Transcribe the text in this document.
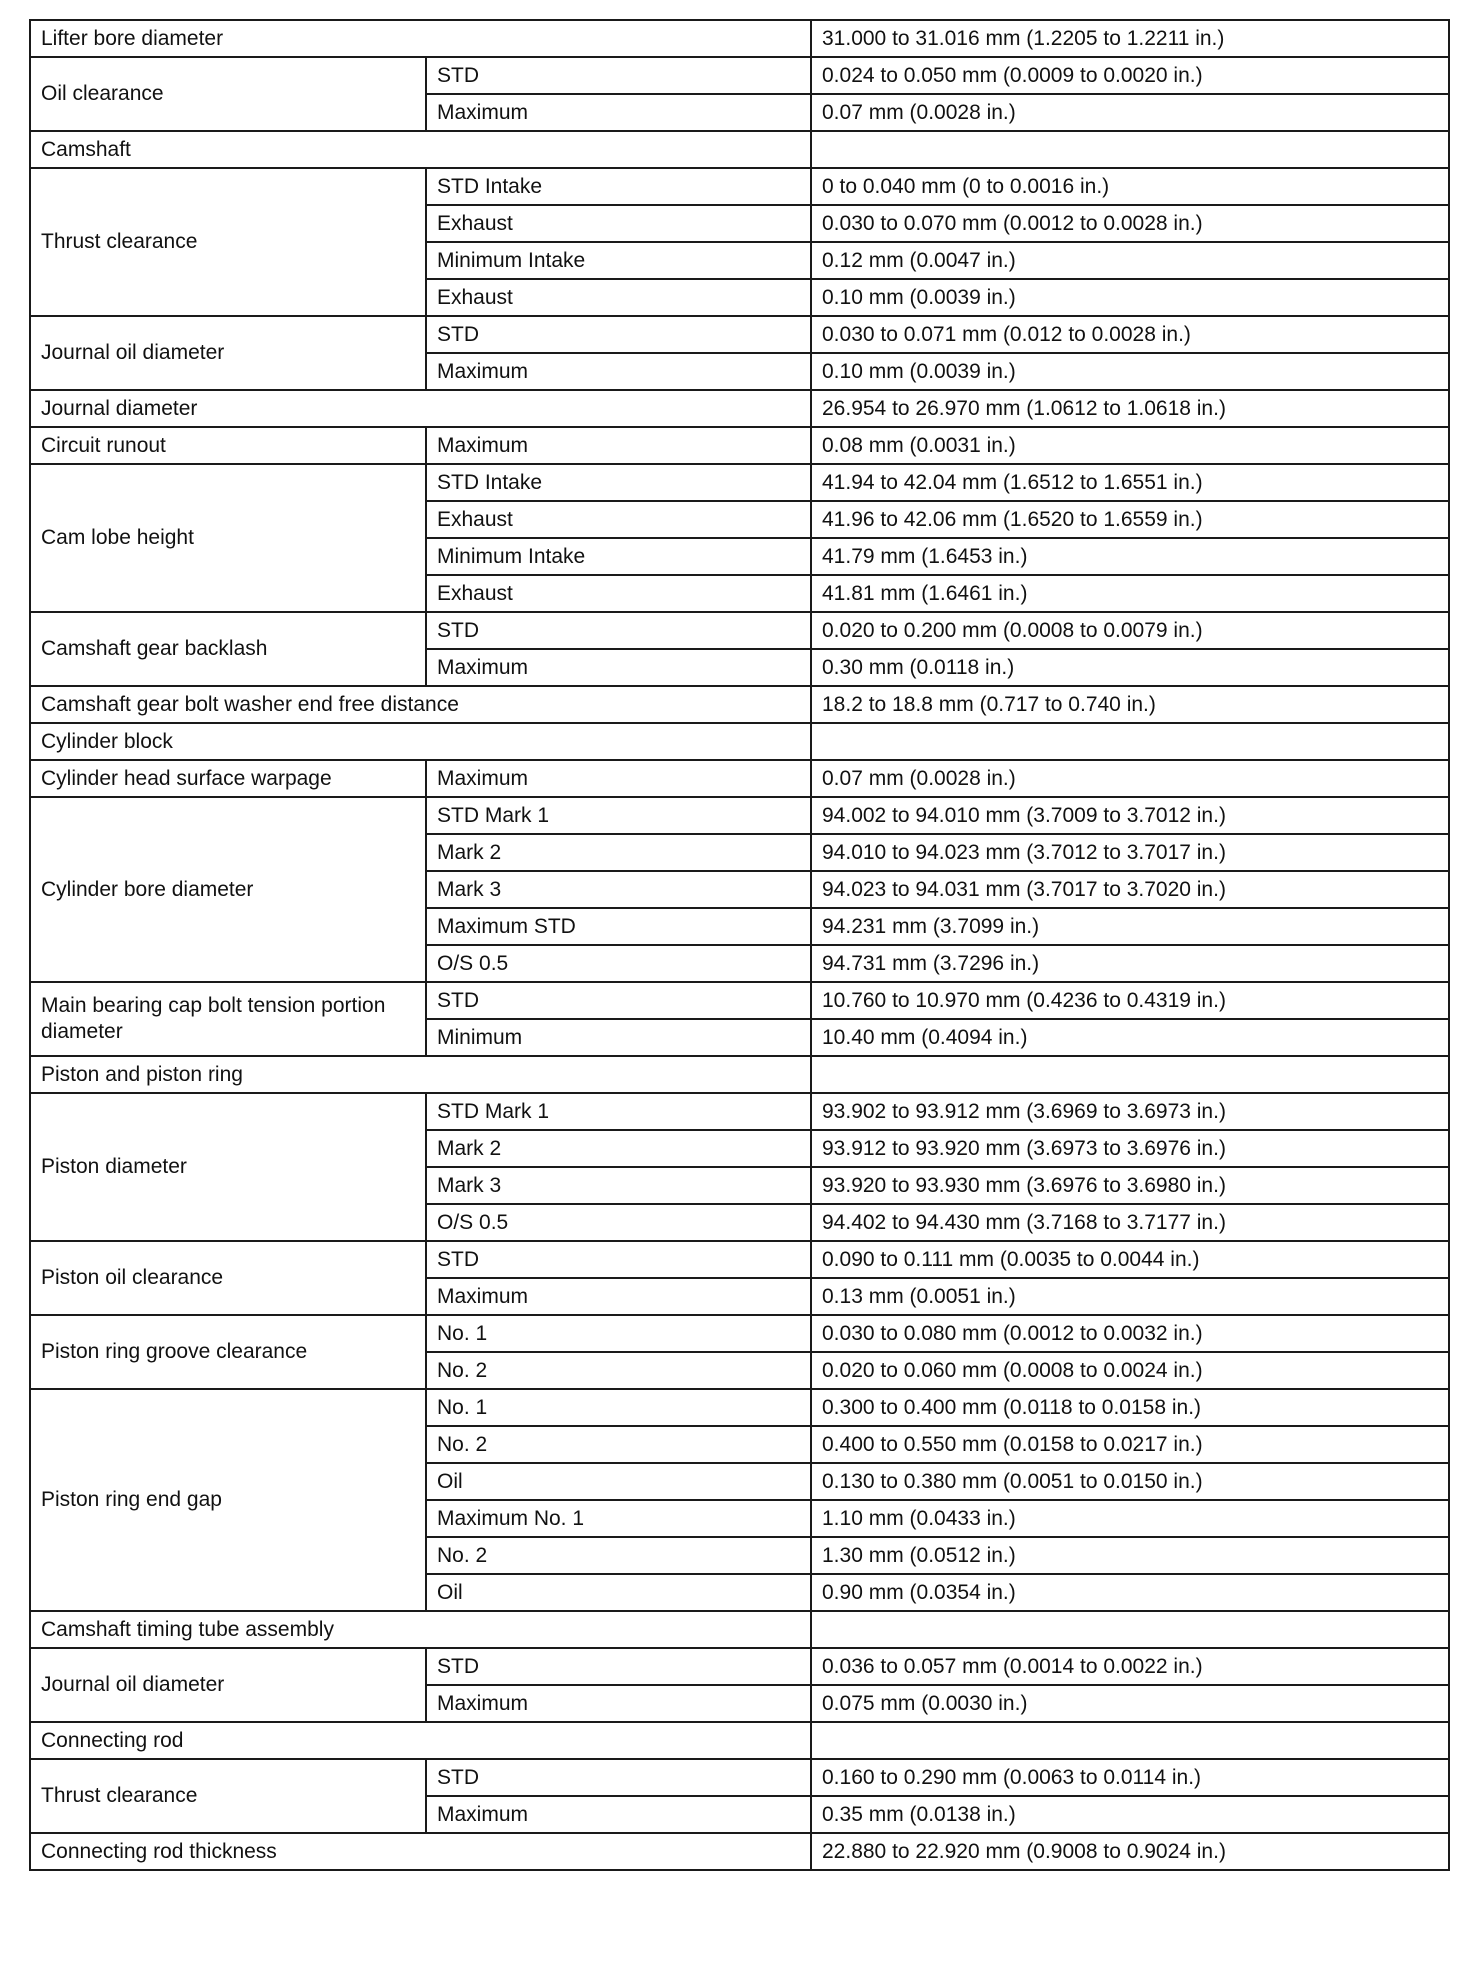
Lifter bore diameter		31.000 to 31.016 mm (1.2205 to 1.2211 in.)
Oil clearance	STD	0.024 to 0.050 mm (0.0009 to 0.0020 in.)
	Maximum	0.07 mm (0.0028 in.)
Camshaft		
Thrust clearance	STD Intake	0 to 0.040 mm (0 to 0.0016 in.)
	Exhaust	0.030 to 0.070 mm (0.0012 to 0.0028 in.)
	Minimum Intake	0.12 mm (0.0047 in.)
	Exhaust	0.10 mm (0.0039 in.)
Journal oil diameter	STD	0.030 to 0.071 mm (0.012 to 0.0028 in.)
	Maximum	0.10 mm (0.0039 in.)
Journal diameter		26.954 to 26.970 mm (1.0612 to 1.0618 in.)
Circuit runout	Maximum	0.08 mm (0.0031 in.)
Cam lobe height	STD Intake	41.94 to 42.04 mm (1.6512 to 1.6551 in.)
	Exhaust	41.96 to 42.06 mm (1.6520 to 1.6559 in.)
	Minimum Intake	41.79 mm (1.6453 in.)
	Exhaust	41.81 mm (1.6461 in.)
Camshaft gear backlash	STD	0.020 to 0.200 mm (0.0008 to 0.0079 in.)
	Maximum	0.30 mm (0.0118 in.)
Camshaft gear bolt washer end free distance		18.2 to 18.8 mm (0.717 to 0.740 in.)
Cylinder block		
Cylinder head surface warpage	Maximum	0.07 mm (0.0028 in.)
Cylinder bore diameter	STD Mark 1	94.002 to 94.010 mm (3.7009 to 3.7012 in.)
	Mark 2	94.010 to 94.023 mm (3.7012 to 3.7017 in.)
	Mark 3	94.023 to 94.031 mm (3.7017 to 3.7020 in.)
	Maximum STD	94.231 mm (3.7099 in.)
	O/S 0.5	94.731 mm (3.7296 in.)
Main bearing cap bolt tension portion diameter	STD	10.760 to 10.970 mm (0.4236 to 0.4319 in.)
	Minimum	10.40 mm (0.4094 in.)
Piston and piston ring		
Piston diameter	STD Mark 1	93.902 to 93.912 mm (3.6969 to 3.6973 in.)
	Mark 2	93.912 to 93.920 mm (3.6973 to 3.6976 in.)
	Mark 3	93.920 to 93.930 mm (3.6976 to 3.6980 in.)
	O/S 0.5	94.402 to 94.430 mm (3.7168 to 3.7177 in.)
Piston oil clearance	STD	0.090 to 0.111 mm (0.0035 to 0.0044 in.)
	Maximum	0.13 mm (0.0051 in.)
Piston ring groove clearance	No. 1	0.030 to 0.080 mm (0.0012 to 0.0032 in.)
	No. 2	0.020 to 0.060 mm (0.0008 to 0.0024 in.)
Piston ring end gap	No. 1	0.300 to 0.400 mm (0.0118 to 0.0158 in.)
	No. 2	0.400 to 0.550 mm (0.0158 to 0.0217 in.)
	Oil	0.130 to 0.380 mm (0.0051 to 0.0150 in.)
	Maximum No. 1	1.10 mm (0.0433 in.)
	No. 2	1.30 mm (0.0512 in.)
	Oil	0.90 mm (0.0354 in.)
Camshaft timing tube assembly		
Journal oil diameter	STD	0.036 to 0.057 mm (0.0014 to 0.0022 in.)
	Maximum	0.075 mm (0.0030 in.)
Connecting rod		
Thrust clearance	STD	0.160 to 0.290 mm (0.0063 to 0.0114 in.)
	Maximum	0.35 mm (0.0138 in.)
Connecting rod thickness		22.880 to 22.920 mm (0.9008 to 0.9024 in.)
